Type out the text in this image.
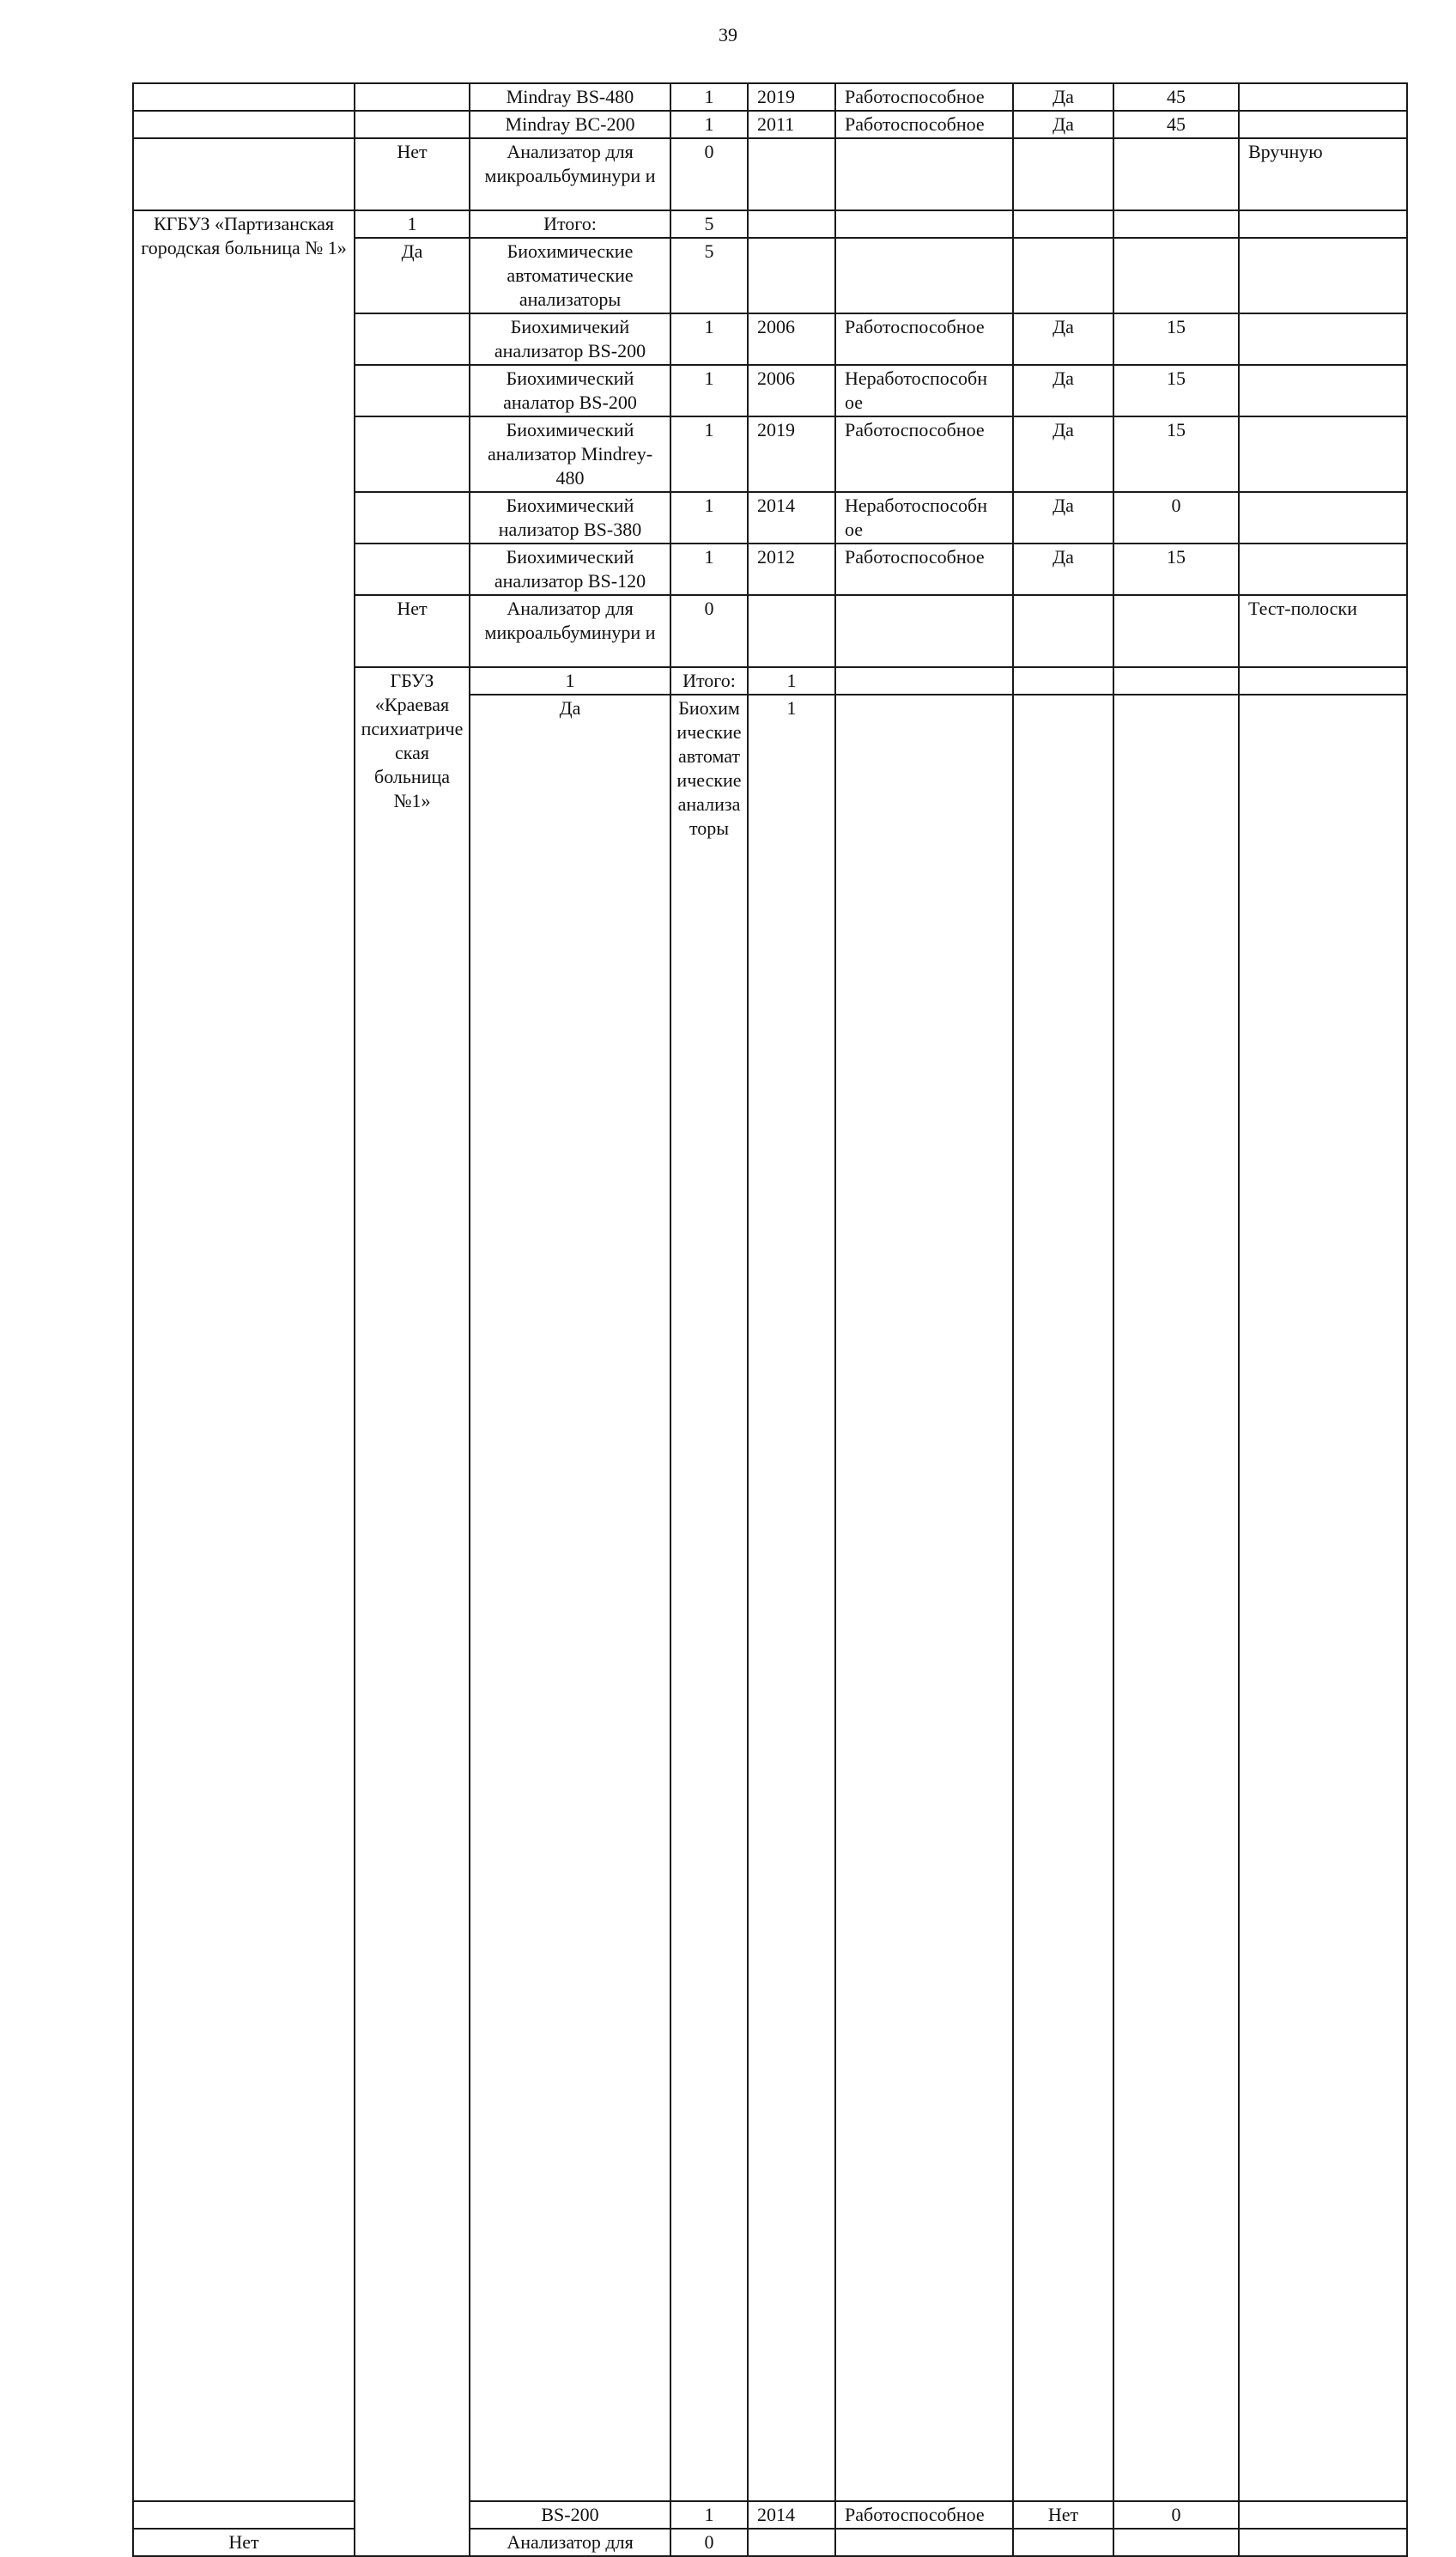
39
		Mindray BS-480	1	2019	Работоспособное	Да	45		
		Mindray BC-200	1	2011	Работоспособное	Да	45		
	Нет	Анализатор для микроальбуминури и	0					Вручную	
КГБУЗ «Партизанская городская больница № 1»	1	Итого:	5						
	Да	Биохимические автоматические анализаторы	5						
		Биохимичекий анализатор BS-200	1	2006	Работоспособное	Да	15		
		Биохимический аналатор BS-200	1	2006	Неработоспособн ое	Да	15		
		Биохимический анализатор Mindrey-480	1	2019	Работоспособное	Да	15		
		Биохимический нализатор BS-380	1	2014	Неработоспособн ое	Да	0		
		Биохимический анализатор BS-120	1	2012	Работоспособное	Да	15		
	Нет	Анализатор для микроальбуминури и	0					Тест-полоски	
	ГБУЗ «Краевая психиатрическая больница №1»	1	Итого:	1					
		Да	Биохимические автоматические анализаторы	1					
		BS-200	1	2014	Работоспособное	Нет	0		
Нет		Анализатор для	0						
